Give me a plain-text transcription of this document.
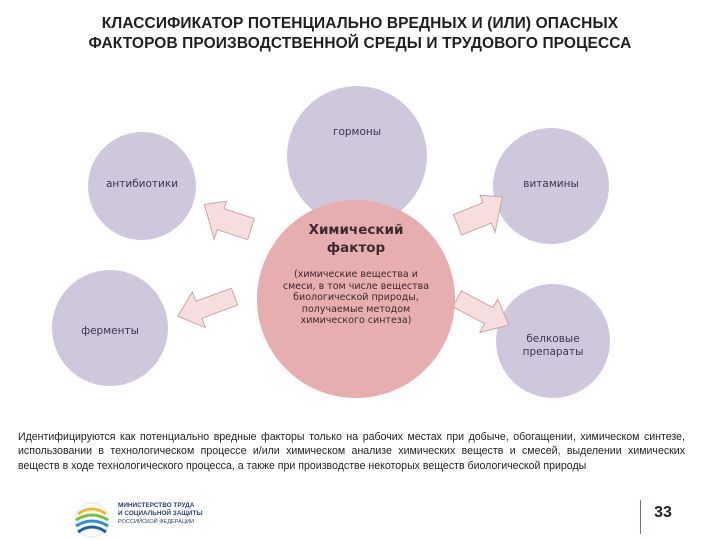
КЛАССИФИКАТОР ПОТЕНЦИАЛЬНО ВРЕДНЫХ И (ИЛИ) ОПАСНЫХ
ФАКТОРОВ ПРОИЗВОДСТВЕННОЙ СРЕДЫ И ТРУДОВОГО ПРОЦЕССА
гормоны
антибиотики	витамины
ферменты
белковые
препараты
Химический
фактор
(химические вещества и смеси, в том числе вещества биологической природы, получаемые методом химического синтеза)
Идентифицируются как потенциально вредные факторы только на рабочих местах при добыче, обогащении, химическом синтезе, использовании в технологическом процессе и/или химическом анализе химических веществ и смесей, выделении химических веществ в ходе технологического процесса, а также при производстве некоторых веществ биологической природы
МИНИСТЕРСТВО ТРУДА
И СОЦИАЛЬНОЙ ЗАЩИТЫ
РОССИЙСКОЙ ФЕДЕРАЦИИ
33
